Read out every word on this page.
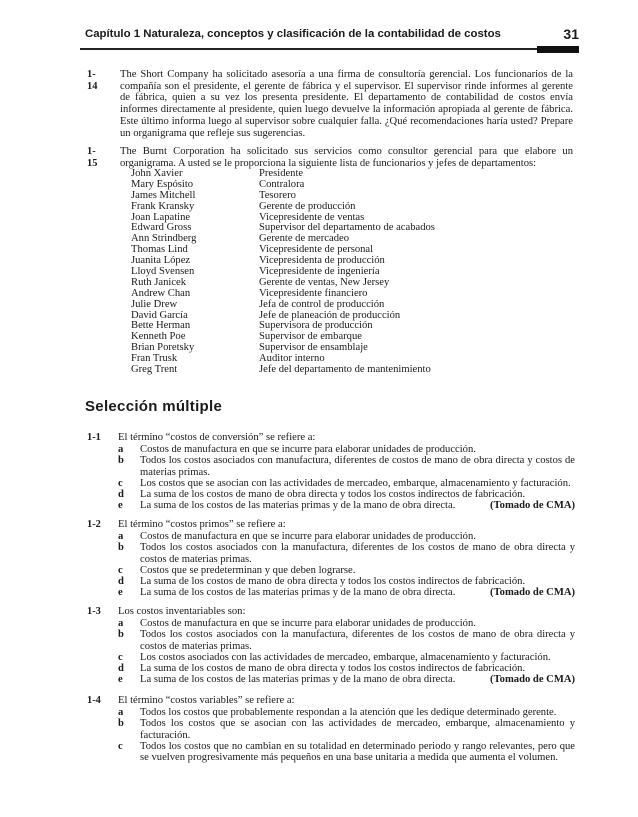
Capítulo 1 Naturaleza, conceptos y clasificación de la contabilidad de costos	31
1-14
The Short Company ha solicitado asesoría a una firma de consultoría gerencial. Los funcionarios de la compañía son el presidente, el gerente de fábrica y el supervisor. El supervisor rinde informes al gerente de fábrica, quien a su vez los presenta presidente. El departamento de contabilidad de costos envía informes directamente al presidente, quien luego devuelve la información apropiada al gerente de fábrica. Este último informa luego al supervisor sobre cualquier falla. ¿Qué recomendaciones haría usted? Prepare un organigrama que refleje sus sugerencias.
1-15
The Burnt Corporation ha solicitado sus servicios como consultor gerencial para que elabore un organigrama. A usted se le proporciona la siguiente lista de funcionarios y jefes de departamentos:
John Xavier	Presidente
Mary Espósito	Contralora
James Mitchell	Tesorero
Frank Kransky	Gerente de producción
Joan Lapatine	Vicepresidente de ventas
Edward Gross	Supervisor del departamento de acabados
Ann Strindberg	Gerente de mercadeo
Thomas Lind	Vicepresidente de personal
Juanita López	Vicepresidenta de producción
Lloyd Svensen	Vicepresidente de ingeniería
Ruth Janicek	Gerente de ventas, New Jersey
Andrew Chan	Vicepresidente financiero
Julie Drew	Jefa de control de producción
David García	Jefe de planeación de producción
Bette Herman	Supervisora de producción
Kenneth Poe	Supervisor de embarque
Brian Poretsky	Supervisor de ensamblaje
Fran Trusk	Auditor interno
Greg Trent	Jefe del departamento de mantenimiento
Selección múltiple
1-1 El término “costos de conversión” se refiere a:
a Costos de manufactura en que se incurre para elaborar unidades de producción.
b Todos los costos asociados con manufactura, diferentes de costos de mano de obra directa y costos de materias primas.
c Los costos que se asocian con las actividades de mercadeo, embarque, almacenamiento y facturación.
d La suma de los costos de mano de obra directa y todos los costos indirectos de fabricación.
e	(Tomado de CMA)
La suma de los costos de las materias primas y de la mano de obra directa.
1-2 El término “costos primos” se refiere a:
a Costos de manufactura en que se incurre para elaborar unidades de producción.
b Todos los costos asociados con la manufactura, diferentes de los costos de mano de obra directa y costos de materias primas.
c Costos que se predeterminan y que deben lograrse.
d La suma de los costos de mano de obra directa y todos los costos indirectos de fabricación.
e	(Tomado de CMA)
La suma de los costos de las materias primas y de la mano de obra directa.
1-3 Los costos inventariables son:
a Costos de manufactura en que se incurre para elaborar unidades de producción.
b Todos los costos asociados con la manufactura, diferentes de los costos de mano de obra directa y costos de materias primas.
c Los costos asociados con las actividades de mercadeo, embarque, almacenamiento y facturación.
d La suma de los costos de mano de obra directa y todos los costos indirectos de fabricación.
e	(Tomado de CMA)
La suma de los costos de las materias primas y de la mano de obra directa.
1-4 El término “costos variables” se refiere a:
a Todos los costos que probablemente respondan a la atención que les dedique determinado gerente.
b Todos los costos que se asocian con las actividades de mercadeo, embarque, almacenamiento y facturación.
c Todos los costos que no cambian en su totalidad en determinado periodo y rango relevantes, pero que se vuelven progresivamente más pequeños en una base unitaria a medida que aumenta el volumen.
